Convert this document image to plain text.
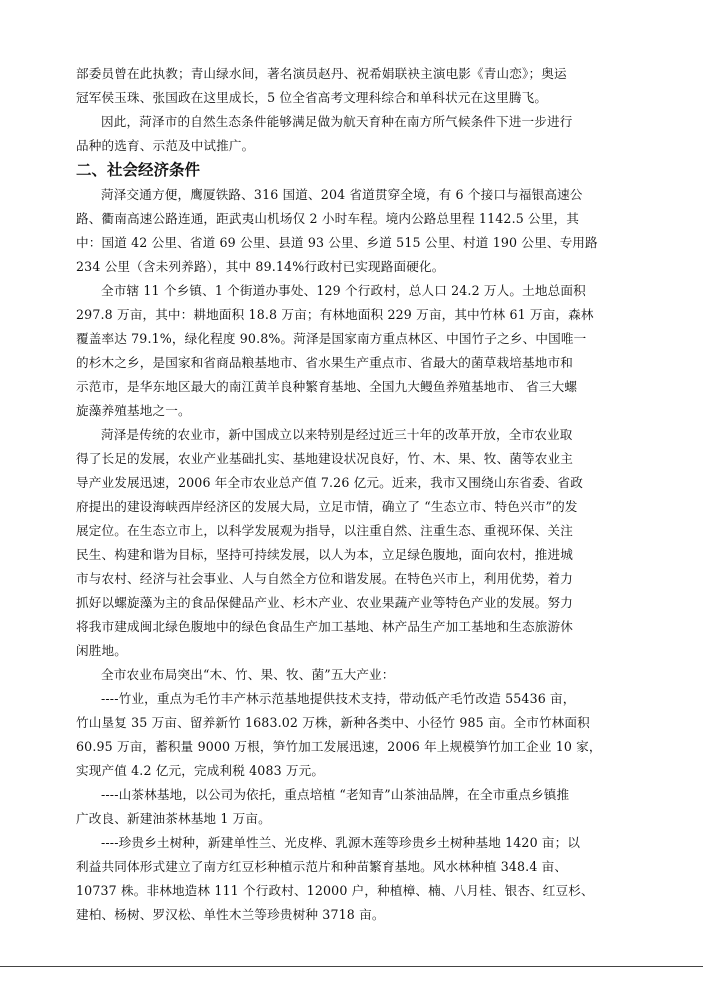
部委员曾在此执教；青山绿水间，著名演员赵丹、祝希娟联袂主演电影《青山恋》；奥运

冠军侯玉珠、张国政在这里成长，5 位全省高考文理科综合和单科状元在这里腾飞。

因此，菏泽市的自然生态条件能够满足做为航天育种在南方所气候条件下进一步进行

品种的选育、示范及中试推广。

二、社会经济条件

菏泽交通方便，鹰厦铁路、316 国道、204 省道贯穿全境，有 6 个接口与福银高速公

路、衢南高速公路连通，距武夷山机场仅 2 小时车程。境内公路总里程 1142.5 公里，其

中：国道 42 公里、省道 69 公里、县道 93 公里、乡道 515 公里、村道 190 公里、专用路

234 公里（含未列养路），其中 89.14%行政村已实现路面硬化。

全市辖 11 个乡镇、1 个街道办事处、129 个行政村，总人口 24.2 万人。土地总面积

297.8 万亩，其中：耕地面积 18.8 万亩；有林地面积 229 万亩，其中竹林 61 万亩，森林

覆盖率达 79.1%，绿化程度 90.8%。菏泽是国家南方重点林区、中国竹子之乡、中国唯一

的杉木之乡，是国家和省商品粮基地市、省水果生产重点市、省最大的菌草栽培基地市和

示范市，是华东地区最大的南江黄羊良种繁育基地、全国九大鳗鱼养殖基地市、 省三大螺

旋藻养殖基地之一。

菏泽是传统的农业市，新中国成立以来特别是经过近三十年的改革开放，全市农业取

得了长足的发展，农业产业基础扎实、基地建设状况良好，竹、木、果、牧、菌等农业主

导产业发展迅速，2006 年全市农业总产值 7.26 亿元。近来，我市又围绕山东省委、省政

府提出的建设海峡西岸经济区的发展大局，立足市情，确立了 “生态立市、特色兴市”的发

展定位。在生态立市上，以科学发展观为指导，以注重自然、注重生态、重视环保、关注

民生、构建和谐为目标，坚持可持续发展，以人为本，立足绿色腹地，面向农村，推进城

市与农村、经济与社会事业、人与自然全方位和谐发展。在特色兴市上，利用优势，着力

抓好以螺旋藻为主的食品保健品产业、杉木产业、农业果蔬产业等特色产业的发展。努力

将我市建成闽北绿色腹地中的绿色食品生产加工基地、林产品生产加工基地和生态旅游休

闲胜地。

全市农业布局突出“木、竹、果、牧、菌”五大产业：

----竹业，重点为毛竹丰产林示范基地提供技术支持，带动低产毛竹改造 55436 亩，

竹山垦复 35 万亩、留养新竹 1683.02 万株，新种各类中、小径竹 985 亩。全市竹林面积

60.95 万亩，蓄积量 9000 万根，笋竹加工发展迅速，2006 年上规模笋竹加工企业 10 家，

实现产值 4.2 亿元，完成利税 4083 万元。

----山茶林基地，以公司为依托，重点培植 “老知青”山茶油品牌，在全市重点乡镇推

广改良、新建油茶林基地 1 万亩。

----珍贵乡土树种，新建单性兰、光皮桦、乳源木莲等珍贵乡土树种基地 1420 亩；以

利益共同体形式建立了南方红豆杉种植示范片和种苗繁育基地。风水林种植 348.4 亩、

10737 株。非林地造林 111 个行政村、12000 户，种植樟、楠、八月桂、银杏、红豆杉、

建柏、杨树、罗汉松、单性木兰等珍贵树种 3718 亩。
